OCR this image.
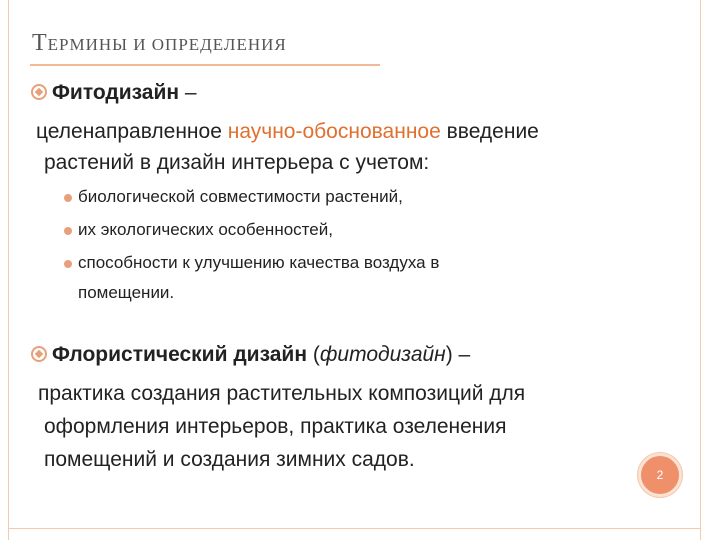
ТЕРМИНЫ И ОПРЕДЕЛЕНИЯ
Фитодизайн –
целенаправленное научно-обоснованное введение
растений в дизайн интерьера с учетом:
биологической совместимости растений,
их экологических особенностей,
способности к улучшению качества воздуха в
помещении.
Флористический дизайн (фитодизайн) –
практика создания растительных композиций для
оформления интерьеров, практика озеленения
помещений и создания зимних садов.
2
